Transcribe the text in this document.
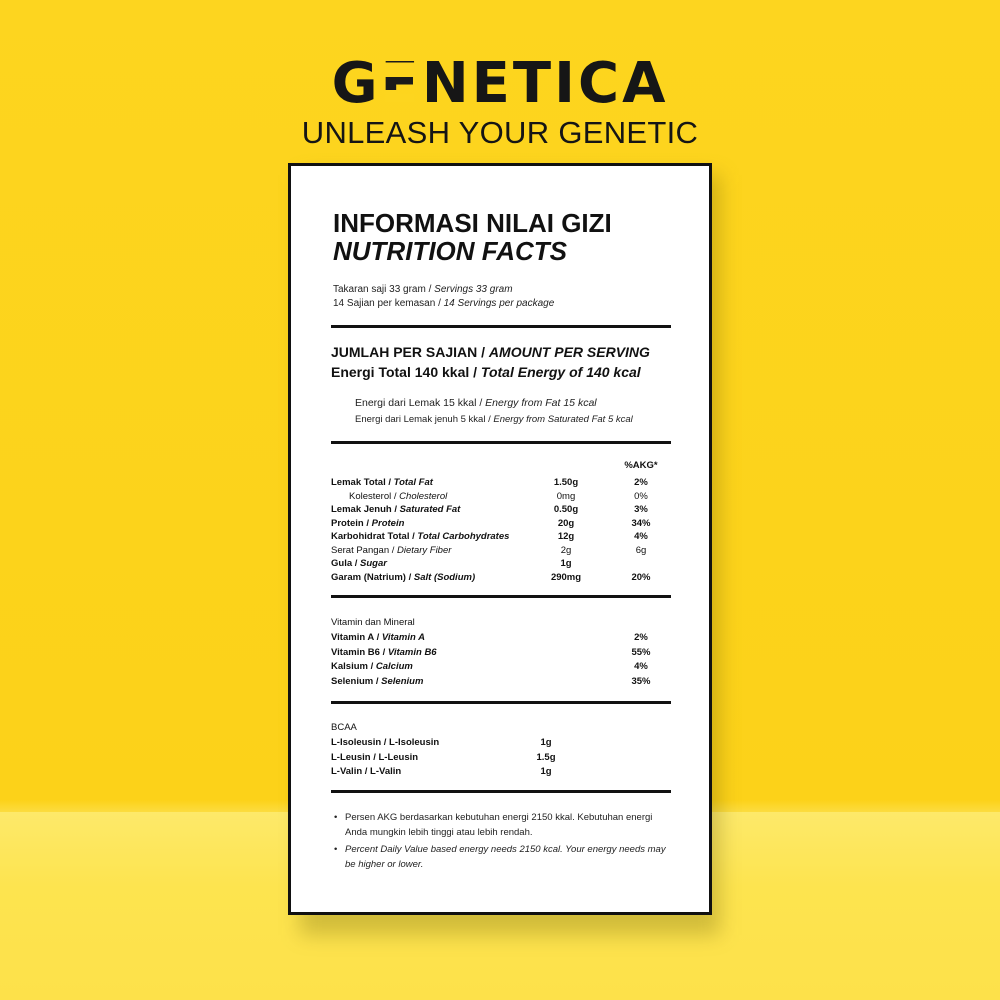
GENETICA
UNLEASH YOUR GENETIC
INFORMASI NILAI GIZI
NUTRITION FACTS
Takaran saji 33 gram / Servings 33 gram
14 Sajian per kemasan / 14 Servings per package
JUMLAH PER SAJIAN / AMOUNT PER SERVING
Energi Total 140 kkal / Total Energy of 140 kcal
Energi dari Lemak 15 kkal / Energy from Fat 15 kcal
Energi dari Lemak jenuh 5 kkal / Energy from Saturated Fat 5 kcal
%AKG*
Lemak Total / Total Fat	1.50g	2%
Kolesterol / Cholesterol	0mg	0%
Lemak Jenuh / Saturated Fat	0.50g	3%
Protein / Protein	20g	34%
Karbohidrat Total / Total Carbohydrates	12g	4%
Serat Pangan / Dietary Fiber	2g	6g
Gula / Sugar	1g
Garam (Natrium) / Salt (Sodium)	290mg	20%
Vitamin dan Mineral
Vitamin A / Vitamin A	2%
Vitamin B6 / Vitamin B6	55%
Kalsium / Calcium	4%
Selenium / Selenium	35%
BCAA
L-Isoleusin / L-Isoleusin	1g
L-Leusin / L-Leusin	1.5g
L-Valin / L-Valin	1g
• Persen AKG berdasarkan kebutuhan energi 2150 kkal. Kebutuhan energi Anda mungkin lebih tinggi atau lebih rendah.
• Percent Daily Value based energy needs 2150 kcal. Your energy needs may be higher or lower.
